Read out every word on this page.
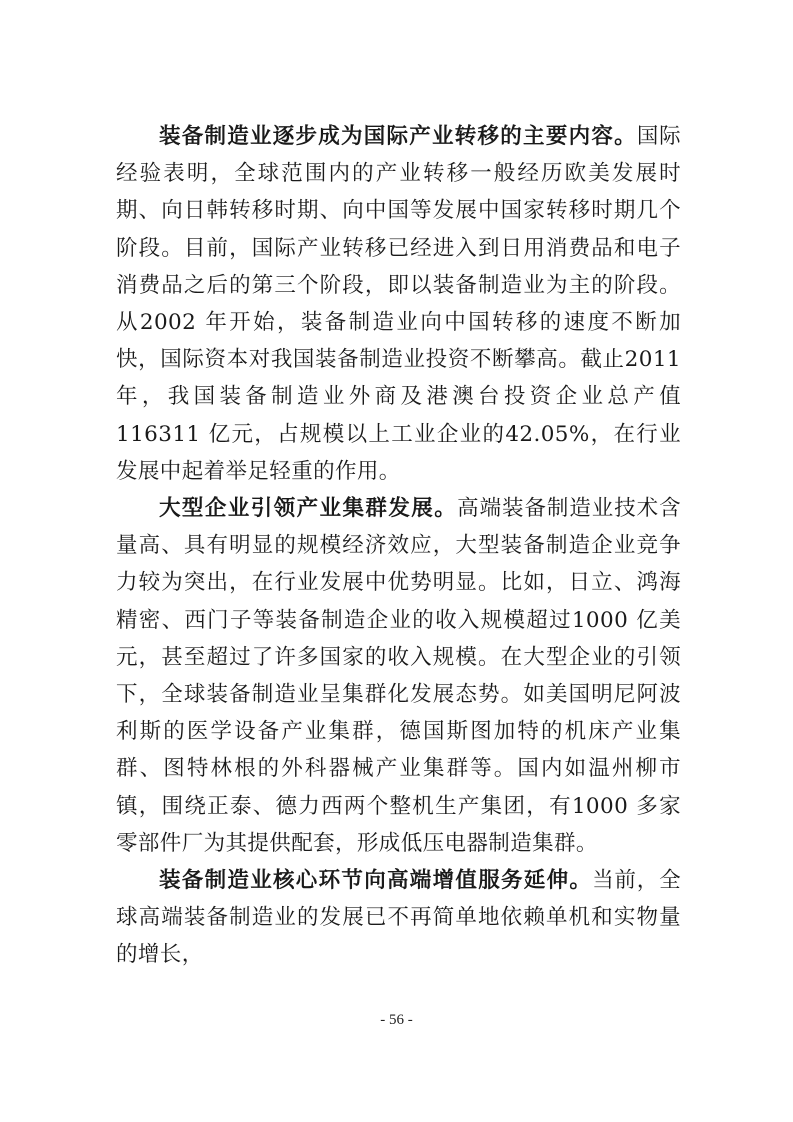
装备制造业逐步成为国际产业转移的主要内容。国际经验表明，全球范围内的产业转移一般经历欧美发展时期、向日韩转移时期、向中国等发展中国家转移时期几个阶段。目前，国际产业转移已经进入到日用消费品和电子消费品之后的第三个阶段，即以装备制造业为主的阶段。从2002 年开始，装备制造业向中国转移的速度不断加快，国际资本对我国装备制造业投资不断攀高。截止2011 年，我国装备制造业外商及港澳台投资企业总产值116311 亿元，占规模以上工业企业的42.05%，在行业发展中起着举足轻重的作用。

大型企业引领产业集群发展。高端装备制造业技术含量高、具有明显的规模经济效应，大型装备制造企业竞争力较为突出，在行业发展中优势明显。比如，日立、鸿海精密、西门子等装备制造企业的收入规模超过1000 亿美元，甚至超过了许多国家的收入规模。在大型企业的引领下，全球装备制造业呈集群化发展态势。如美国明尼阿波利斯的医学设备产业集群，德国斯图加特的机床产业集群、图特林根的外科器械产业集群等。国内如温州柳市镇，围绕正泰、德力西两个整机生产集团，有1000 多家零部件厂为其提供配套，形成低压电器制造集群。

装备制造业核心环节向高端增值服务延伸。当前，全球高端装备制造业的发展已不再简单地依赖单机和实物量的增长，

- 56 -
